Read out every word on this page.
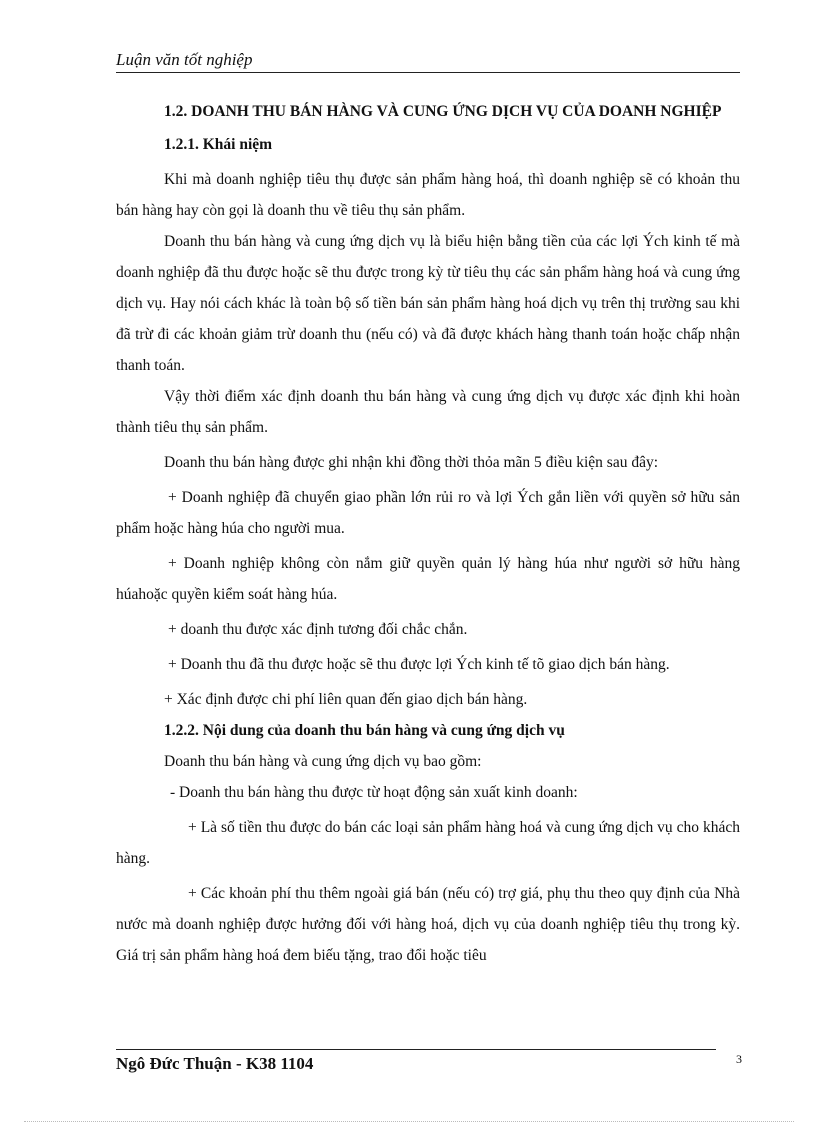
Luận văn tốt nghiệp

1.2. DOANH THU BÁN HÀNG VÀ CUNG ỨNG DỊCH VỤ CỦA DOANH NGHIỆP

1.2.1. Khái niệm

Khi mà doanh nghiệp tiêu thụ được sản phẩm hàng hoá, thì doanh nghiệp sẽ có khoản thu bán hàng hay còn gọi là doanh thu về tiêu thụ sản phẩm.

Doanh thu bán hàng và cung ứng dịch vụ là biểu hiện bằng tiền của các lợi Ých kinh tế mà doanh nghiệp đã thu được hoặc sẽ thu được trong kỳ từ tiêu thụ các sản phẩm hàng hoá và cung ứng dịch vụ. Hay nói cách khác là toàn bộ số tiền bán sản phẩm hàng hoá dịch vụ trên thị trường sau khi đã trừ đi các khoản giảm trừ doanh thu (nếu có) và đã được khách hàng thanh toán hoặc chấp nhận thanh toán.

Vậy thời điểm xác định doanh thu bán hàng và cung ứng dịch vụ được xác định khi hoàn thành tiêu thụ sản phẩm.

Doanh thu bán hàng được ghi nhận khi đồng thời thỏa mãn 5 điều kiện sau đây:

+ Doanh nghiệp đã chuyển giao phần lớn rủi ro và lợi Ých gắn liền với quyền sở hữu sản phẩm hoặc hàng húa cho người mua.

+ Doanh nghiệp không còn nắm giữ quyền quản lý hàng húa như người sở hữu hàng húahoặc quyền kiểm soát hàng húa.

+ doanh thu được xác định tương đối chắc chắn.

+ Doanh thu đã thu được hoặc sẽ thu được lợi Ých kinh tế tõ giao dịch bán hàng.

+ Xác định được chi phí liên quan đến giao dịch bán hàng.

1.2.2. Nội dung của doanh thu bán hàng và cung ứng dịch vụ

Doanh thu bán hàng và cung ứng dịch vụ bao gồm:

- Doanh thu bán hàng thu được từ hoạt động sản xuất kinh doanh:

+ Là số tiền thu được do bán các loại sản phẩm hàng hoá và cung ứng dịch vụ cho khách hàng.

+ Các khoản phí thu thêm ngoài giá bán (nếu có) trợ giá, phụ thu theo quy định của Nhà nước mà doanh nghiệp được hưởng đối với hàng hoá, dịch vụ của doanh nghiệp tiêu thụ trong kỳ. Giá trị sản phẩm hàng hoá đem biếu tặng, trao đổi hoặc tiêu

Ngô Đức Thuận - K38 1104	3
